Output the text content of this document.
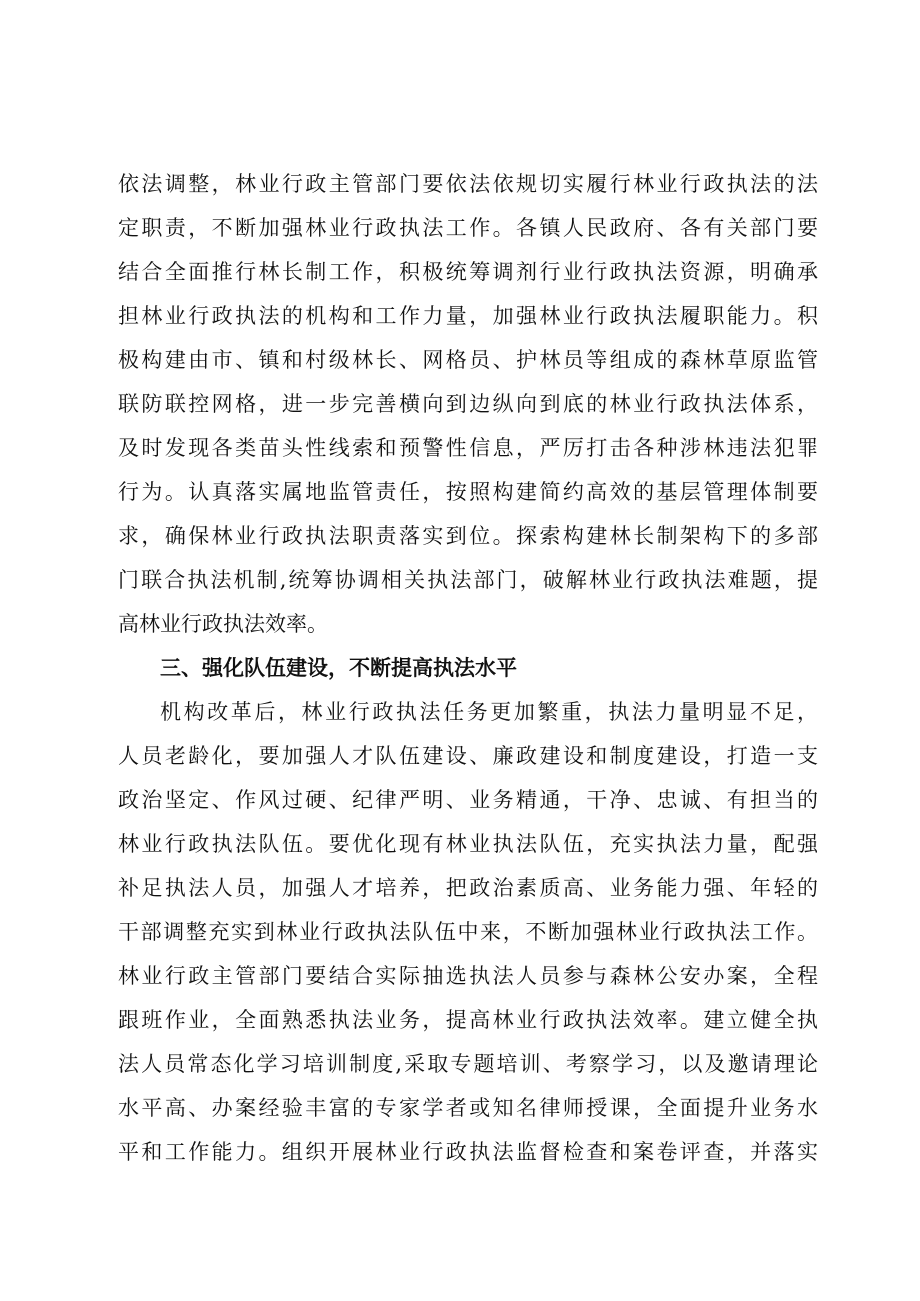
依法调整，林业行政主管部门要依法依规切实履行林业行政执法的法
定职责，不断加强林业行政执法工作。各镇人民政府、各有关部门要
结合全面推行林长制工作，积极统筹调剂行业行政执法资源，明确承
担林业行政执法的机构和工作力量，加强林业行政执法履职能力。积
极构建由市、镇和村级林长、网格员、护林员等组成的森林草原监管
联防联控网格，进一步完善横向到边纵向到底的林业行政执法体系，
及时发现各类苗头性线索和预警性信息，严厉打击各种涉林违法犯罪
行为。认真落实属地监管责任，按照构建简约高效的基层管理体制要
求，确保林业行政执法职责落实到位。探索构建林长制架构下的多部
门联合执法机制,统筹协调相关执法部门，破解林业行政执法难题，提
高林业行政执法效率。
三、强化队伍建设，不断提高执法水平
机构改革后，林业行政执法任务更加繁重，执法力量明显不足，
人员老龄化，要加强人才队伍建设、廉政建设和制度建设，打造一支
政治坚定、作风过硬、纪律严明、业务精通，干净、忠诚、有担当的
林业行政执法队伍。要优化现有林业执法队伍，充实执法力量，配强
补足执法人员，加强人才培养，把政治素质高、业务能力强、年轻的
干部调整充实到林业行政执法队伍中来，不断加强林业行政执法工作。
林业行政主管部门要结合实际抽选执法人员参与森林公安办案，全程
跟班作业，全面熟悉执法业务，提高林业行政执法效率。建立健全执
法人员常态化学习培训制度,采取专题培训、考察学习，以及邀请理论
水平高、办案经验丰富的专家学者或知名律师授课，全面提升业务水
平和工作能力。组织开展林业行政执法监督检查和案卷评查，并落实
